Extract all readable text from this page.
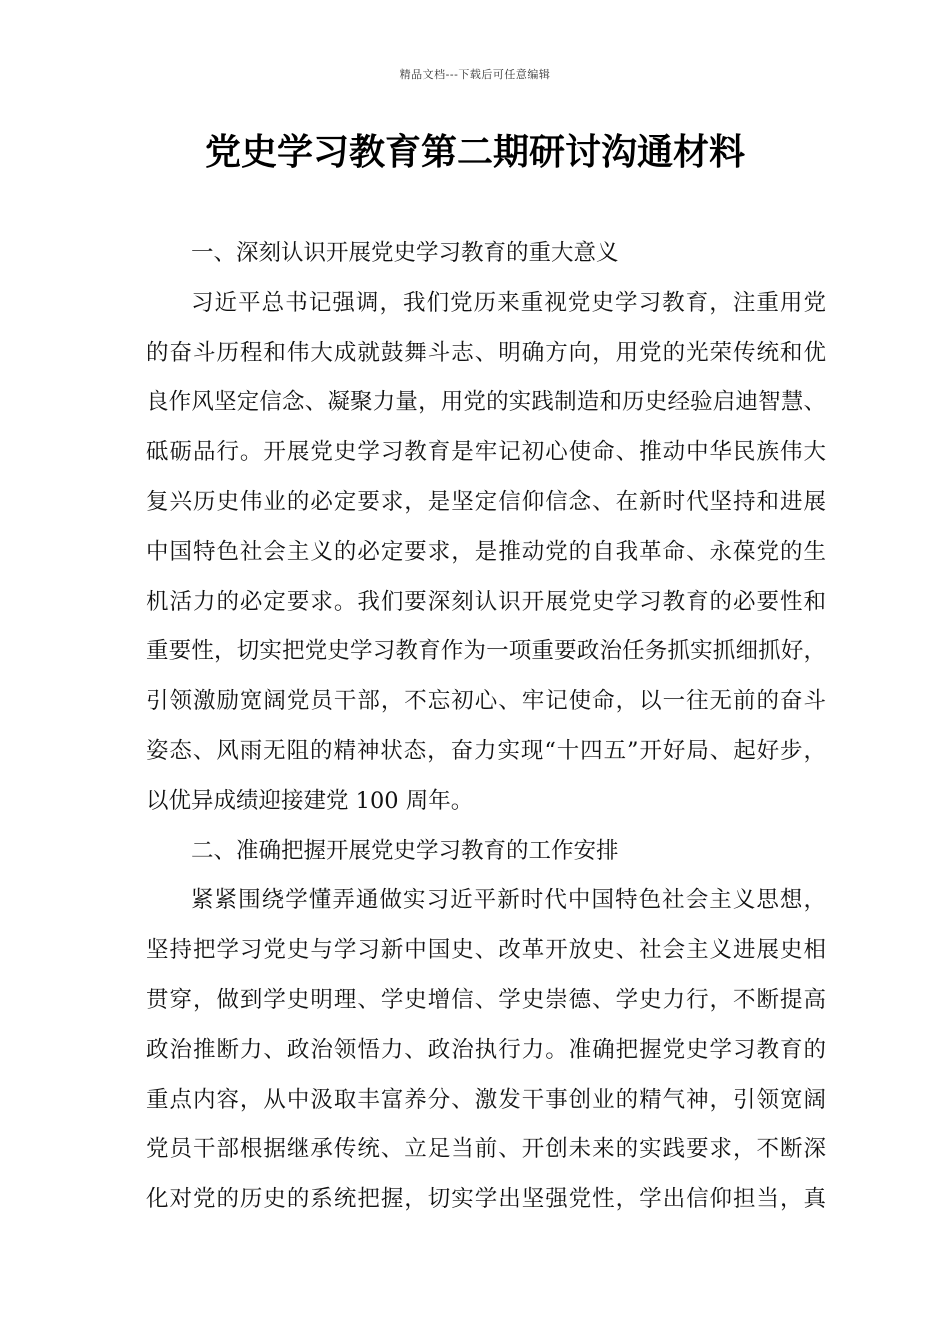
精品文档---下载后可任意编辑
党史学习教育第二期研讨沟通材料
一、深刻认识开展党史学习教育的重大意义
习近平总书记强调，我们党历来重视党史学习教育，注重用党
的奋斗历程和伟大成就鼓舞斗志、明确方向，用党的光荣传统和优
良作风坚定信念、凝聚力量，用党的实践制造和历史经验启迪智慧、
砥砺品行。开展党史学习教育是牢记初心使命、推动中华民族伟大
复兴历史伟业的必定要求，是坚定信仰信念、在新时代坚持和进展
中国特色社会主义的必定要求，是推动党的自我革命、永葆党的生
机活力的必定要求。我们要深刻认识开展党史学习教育的必要性和
重要性，切实把党史学习教育作为一项重要政治任务抓实抓细抓好，
引领激励宽阔党员干部，不忘初心、牢记使命，以一往无前的奋斗
姿态、风雨无阻的精神状态，奋力实现“十四五”开好局、起好步，
以优异成绩迎接建党 100 周年。
二、准确把握开展党史学习教育的工作安排
紧紧围绕学懂弄通做实习近平新时代中国特色社会主义思想，
坚持把学习党史与学习新中国史、改革开放史、社会主义进展史相
贯穿，做到学史明理、学史增信、学史崇德、学史力行，不断提高
政治推断力、政治领悟力、政治执行力。准确把握党史学习教育的
重点内容，从中汲取丰富养分、激发干事创业的精气神，引领宽阔
党员干部根据继承传统、立足当前、开创未来的实践要求，不断深
化对党的历史的系统把握，切实学出坚强党性，学出信仰担当，真
